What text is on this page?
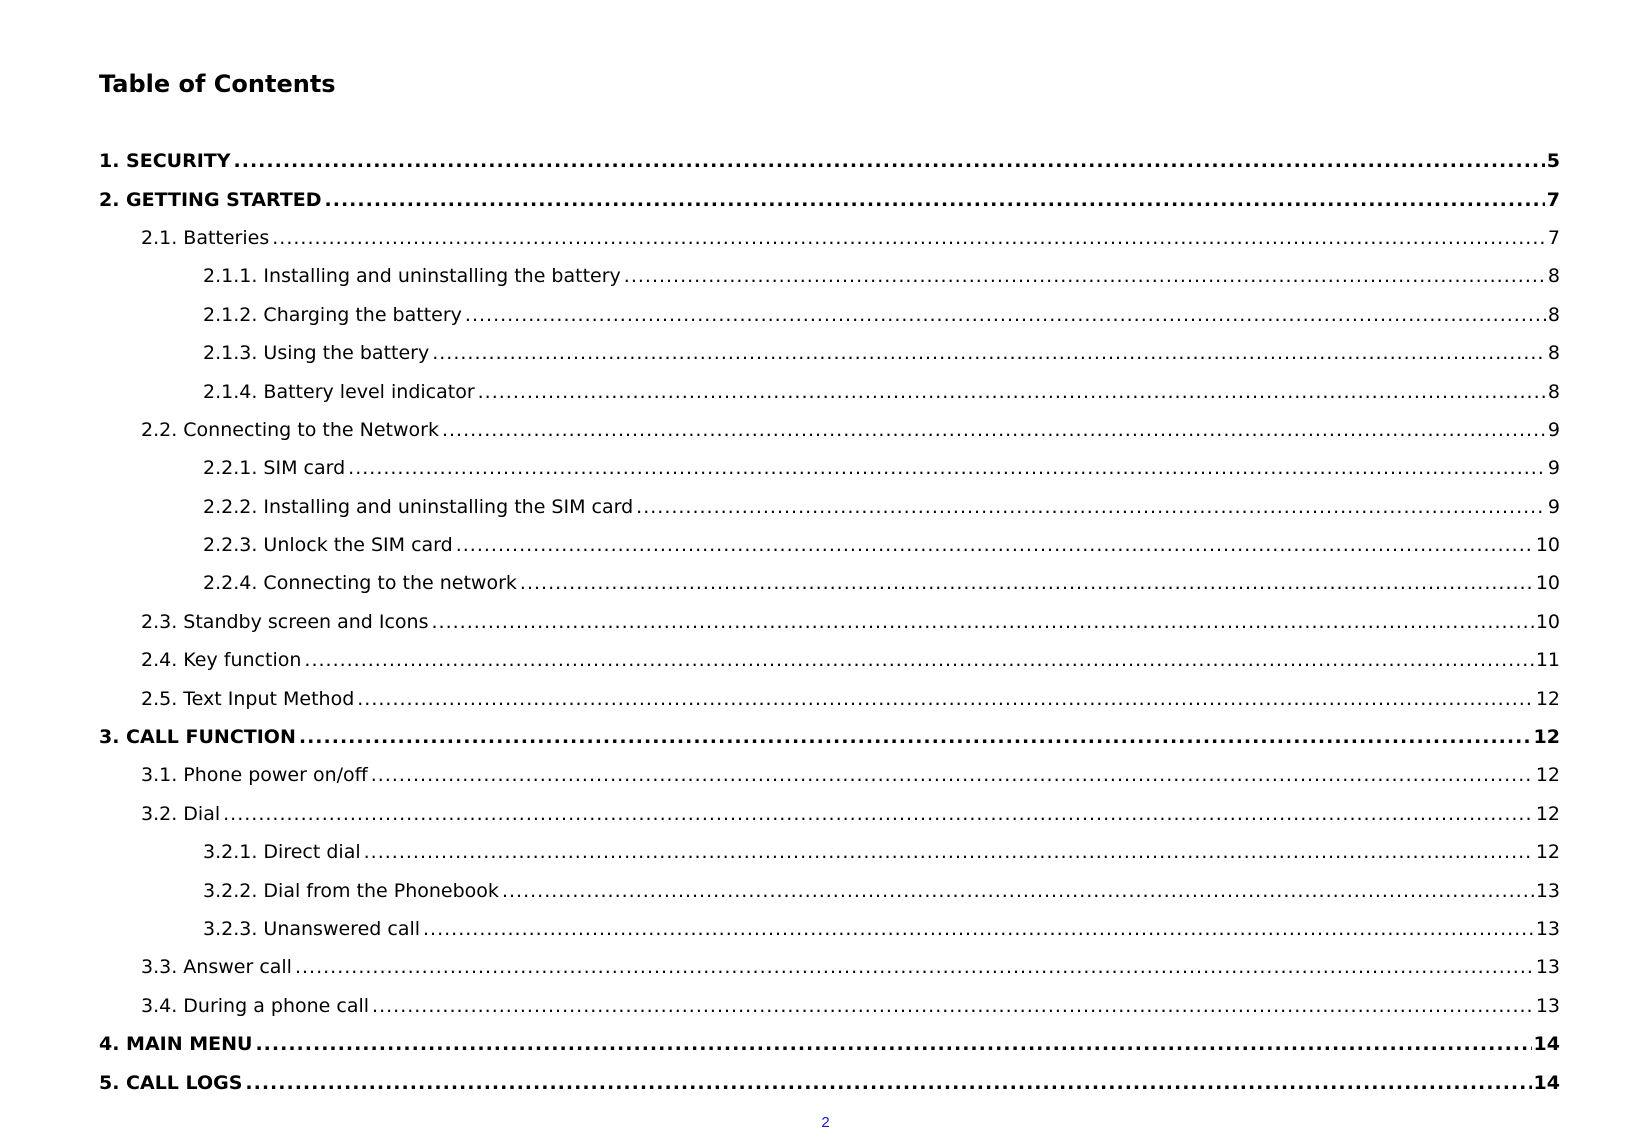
Table of Contents
1. SECURITY .....	5
2. GETTING STARTED .....	7
2.1. Batteries .....	7
2.1.1. Installing and uninstalling the battery .....	8
2.1.2. Charging the battery .....	8
2.1.3. Using the battery .....	8
2.1.4. Battery level indicator .....	8
2.2. Connecting to the Network .....	9
2.2.1. SIM card .....	9
2.2.2. Installing and uninstalling the SIM card .....	9
2.2.3. Unlock the SIM card .....	10
2.2.4. Connecting to the network .....	10
2.3. Standby screen and Icons .....	10
2.4. Key function .....	11
2.5. Text Input Method .....	12
3. CALL FUNCTION .....	12
3.1. Phone power on/off .....	12
3.2. Dial .....	12
3.2.1. Direct dial .....	12
3.2.2. Dial from the Phonebook .....	13
3.2.3. Unanswered call .....	13
3.3. Answer call .....	13
3.4. During a phone call .....	13
4. MAIN MENU .....	14
5. CALL LOGS .....	14
2
